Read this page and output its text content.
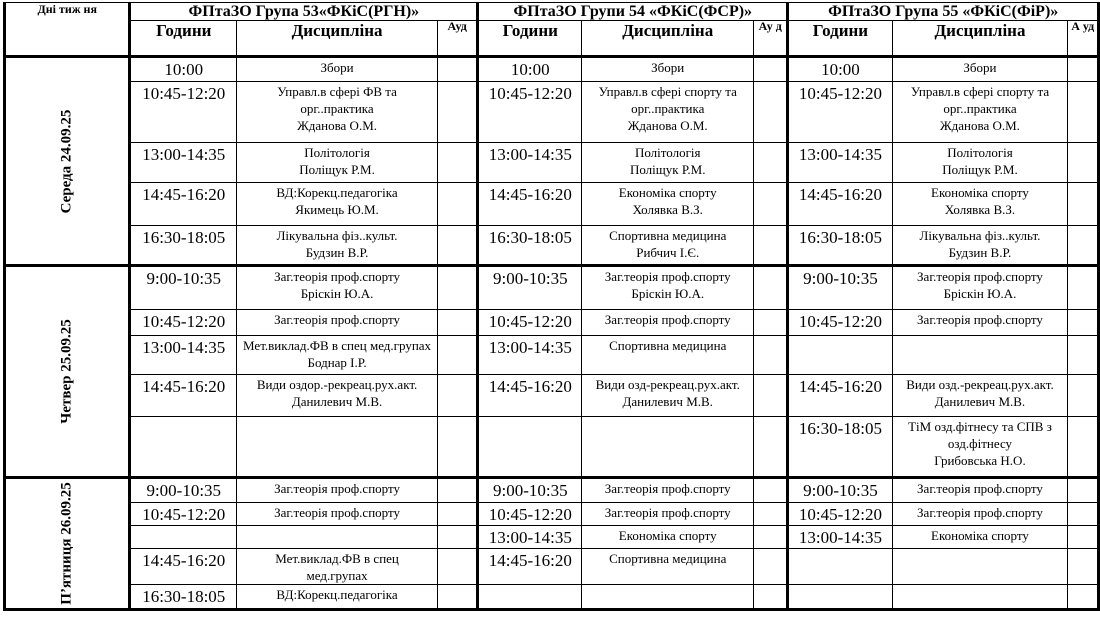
Дні тиж ня	ФПтаЗО Група 53«ФКіС(РГН)»			ФПтаЗО Групи 54 «ФКіС(ФСР)»			ФПтаЗО Група 55 «ФКіС(ФіР)»		
	Години	Дисципліна	Ауд	Години	Дисципліна	Ау д	Години	Дисципліна	А уд
Середа 24.09.25	10:00	Збори		10:00	Збори		10:00	Збори	
	10:45-12:20	Управл.в сфері ФВ та
орг..практика
Жданова О.М.		10:45-12:20	Управл.в сфері спорту та
орг..практика
Жданова О.М.		10:45-12:20	Управл.в сфері спорту та
орг..практика
Жданова О.М.	
	13:00-14:35	Політологія
Поліщук Р.М.		13:00-14:35	Політологія
Поліщук Р.М.		13:00-14:35	Політологія
Поліщук Р.М.	
	14:45-16:20	ВД:Корекц.педагогіка
Якимець Ю.М.		14:45-16:20	Економіка спорту
Холявка В.З.		14:45-16:20	Економіка спорту
Холявка В.З.	
	16:30-18:05	Лікувальна фіз..культ.
Будзин В.Р.		16:30-18:05	Спортивна медицина
Рибчич І.Є.		16:30-18:05	Лікувальна фіз..культ.
Будзин В.Р.	
Четвер 25.09.25	9:00-10:35	Заг.теорія проф.спорту
Бріскін Ю.А.		9:00-10:35	Заг.теорія проф.спорту
Бріскін Ю.А.		9:00-10:35	Заг.теорія проф.спорту
Бріскін Ю.А.	
	10:45-12:20	Заг.теорія проф.спорту		10:45-12:20	Заг.теорія проф.спорту		10:45-12:20	Заг.теорія проф.спорту	
	13:00-14:35	Мет.виклад.ФВ в спец мед.групах
Боднар І.Р.		13:00-14:35	Спортивна медицина				
	14:45-16:20	Види оздор.-рекреац.рух.акт.
Данилевич М.В.		14:45-16:20	Види озд-рекреац.рух.акт.
Данилевич М.В.		14:45-16:20	Види озд.-рекреац.рух.акт.
Данилевич М.В.	
							16:30-18:05	ТіМ озд.фітнесу та СПВ з
озд.фітнесу
Грибовська Н.О.	
П’ятниця 26.09.25	9:00-10:35	Заг.теорія проф.спорту		9:00-10:35	Заг.теорія проф.спорту		9:00-10:35	Заг.теорія проф.спорту	
	10:45-12:20	Заг.теорія проф.спорту		10:45-12:20	Заг.теорія проф.спорту		10:45-12:20	Заг.теорія проф.спорту	
				13:00-14:35	Економіка спорту		13:00-14:35	Економіка спорту	
	14:45-16:20	Мет.виклад.ФВ в спец
мед.групах		14:45-16:20	Спортивна медицина				
	16:30-18:05	ВД:Корекц.педагогіка							
